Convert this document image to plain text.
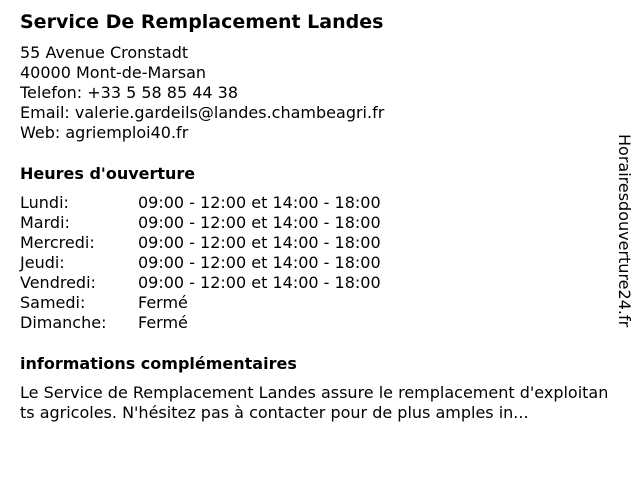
Service De Remplacement Landes
55 Avenue Cronstadt
40000 Mont-de-Marsan
Telefon: +33 5 58 85 44 38
Email: valerie.gardeils@landes.chambeagri.fr
Web: agriemploi40.fr
Heures d'ouverture
Lundi:	09:00 - 12:00 et 14:00 - 18:00
Mardi:	09:00 - 12:00 et 14:00 - 18:00
Mercredi:	09:00 - 12:00 et 14:00 - 18:00
Jeudi:	09:00 - 12:00 et 14:00 - 18:00
Vendredi:	09:00 - 12:00 et 14:00 - 18:00
Samedi:	Fermé
Dimanche:	Fermé
informations complémentaires
Le Service de Remplacement Landes assure le remplacement d'exploitants agricoles. N'hésitez pas à contacter pour de plus amples in...
Horairesdouverture24.fr
